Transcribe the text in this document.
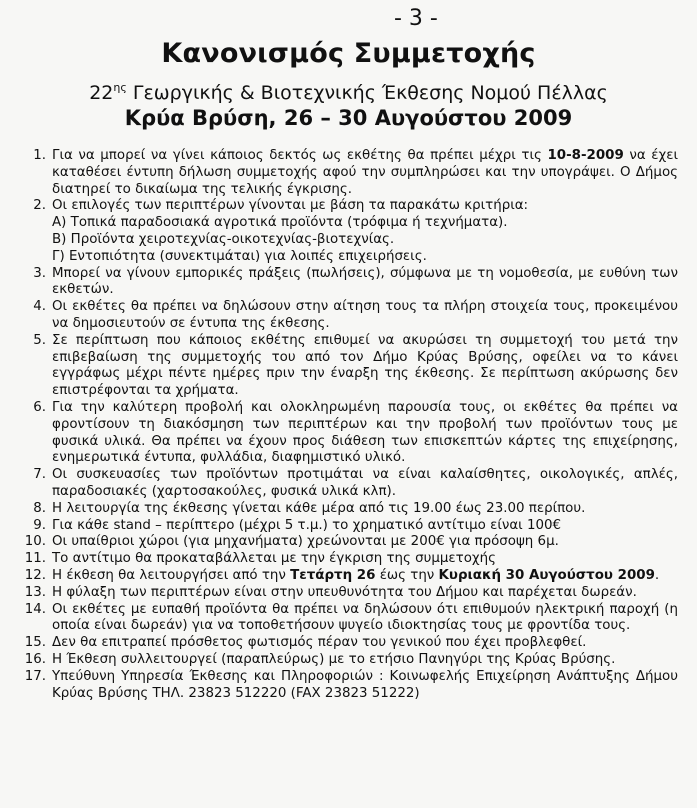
- 3 -
Κανονισμός Συμμετοχής
$22^{\eta\varsigma}$ Γεωργικής & Βιοτεχνικής Έκθεσης Νομού Πέλλας
Κρύα Βρύση, 26 – 30 Αυγούστου 2009
1. Για να μπορεί να γίνει κάποιος δεκτός ως εκθέτης θα πρέπει μέχρι τις 10-8-2009 να έχει καταθέσει έντυπη δήλωση συμμετοχής αφού την συμπληρώσει και την υπογράψει. Ο Δήμος διατηρεί το δικαίωμα της τελικής έγκρισης.
2. Οι επιλογές των περιπτέρων γίνονται με βάση τα παρακάτω κριτήρια:
Α) Τοπικά παραδοσιακά αγροτικά προϊόντα (τρόφιμα ή τεχνήματα).
Β) Προϊόντα χειροτεχνίας-οικοτεχνίας-βιοτεχνίας.
Γ) Εντοπιότητα (συνεκτιμάται) για λοιπές επιχειρήσεις.
3. Μπορεί να γίνουν εμπορικές πράξεις (πωλήσεις), σύμφωνα με τη νομοθεσία, με ευθύνη των εκθετών.
4. Οι εκθέτες θα πρέπει να δηλώσουν στην αίτηση τους τα πλήρη στοιχεία τους, προκειμένου να δημοσιευτούν σε έντυπα της έκθεσης.
5. Σε περίπτωση που κάποιος εκθέτης επιθυμεί να ακυρώσει τη συμμετοχή του μετά την επιβεβαίωση της συμμετοχής του από τον Δήμο Κρύας Βρύσης, οφείλει να το κάνει εγγράφως μέχρι πέντε ημέρες πριν την έναρξη της έκθεσης. Σε περίπτωση ακύρωσης δεν επιστρέφονται τα χρήματα.
6. Για την καλύτερη προβολή και ολοκληρωμένη παρουσία τους, οι εκθέτες θα πρέπει να φροντίσουν τη διακόσμηση των περιπτέρων και την προβολή των προϊόντων τους με φυσικά υλικά. Θα πρέπει να έχουν προς διάθεση των επισκεπτών κάρτες της επιχείρησης, ενημερωτικά έντυπα, φυλλάδια, διαφημιστικό υλικό.
7. Οι συσκευασίες των προϊόντων προτιμάται να είναι καλαίσθητες, οικολογικές, απλές, παραδοσιακές (χαρτοσακούλες, φυσικά υλικά κλπ).
8. Η λειτουργία της έκθεσης γίνεται κάθε μέρα από τις 19.00 έως 23.00 περίπου.
9. Για κάθε stand – περίπτερο (μέχρι 5 τ.μ.) το χρηματικό αντίτιμο είναι 100€
10. Οι υπαίθριοι χώροι (για μηχανήματα) χρεώνονται με 200€ για πρόσοψη 6μ.
11. Το αντίτιμο θα προκαταβάλλεται με την έγκριση της συμμετοχής
12. Η έκθεση θα λειτουργήσει από την Τετάρτη 26 έως την Κυριακή 30 Αυγούστου 2009.
13. Η φύλαξη των περιπτέρων είναι στην υπευθυνότητα του Δήμου και παρέχεται δωρεάν.
14. Οι εκθέτες με ευπαθή προϊόντα θα πρέπει να δηλώσουν ότι επιθυμούν ηλεκτρική παροχή (η οποία είναι δωρεάν) για να τοποθετήσουν ψυγείο ιδιοκτησίας τους με φροντίδα τους.
15. Δεν θα επιτραπεί πρόσθετος φωτισμός πέραν του γενικού που έχει προβλεφθεί.
16. Η Έκθεση συλλειτουργεί (παραπλεύρως) με το ετήσιο Πανηγύρι της Κρύας Βρύσης.
17. Υπεύθυνη Υπηρεσία Έκθεσης και Πληροφοριών : Κοινωφελής Επιχείρηση Ανάπτυξης Δήμου Κρύας Βρύσης ΤΗΛ. 23823 512220 (FAX 23823 51222)
